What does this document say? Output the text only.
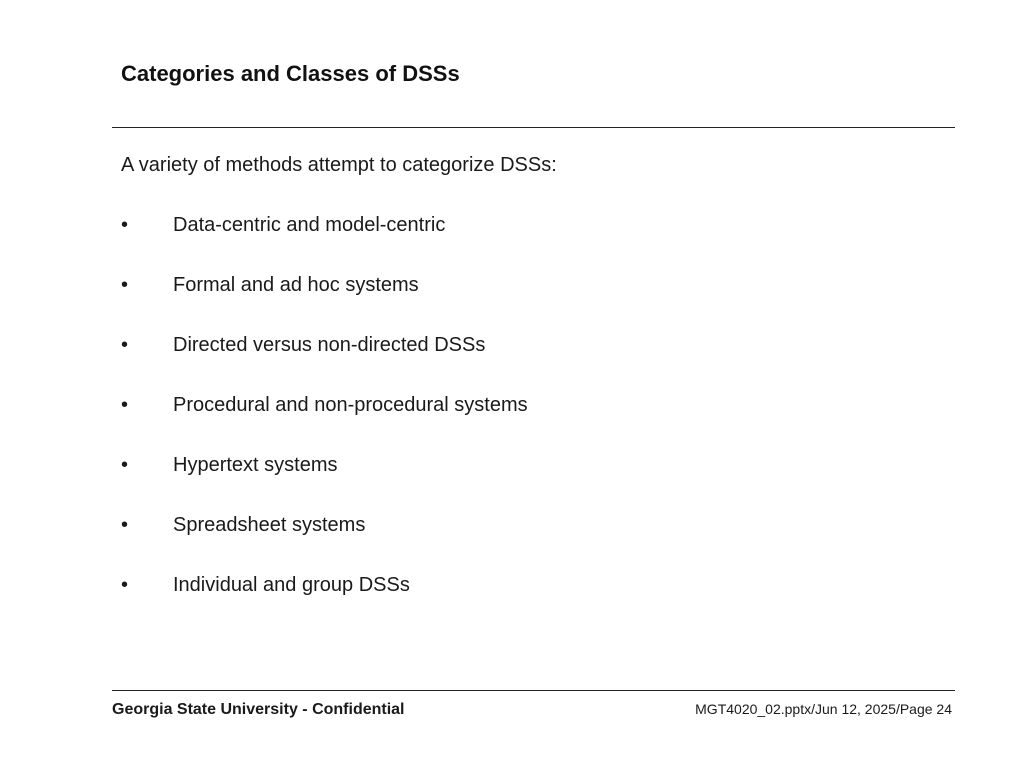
Categories and Classes of DSSs

A variety of methods attempt to categorize DSSs:

• Data-centric and model-centric
• Formal and ad hoc systems
• Directed versus non-directed DSSs
• Procedural and non-procedural systems
• Hypertext systems
• Spreadsheet systems
• Individual and group DSSs
Georgia State University - Confidential	MGT4020_02.pptx/Jun 12, 2025/Page 24
